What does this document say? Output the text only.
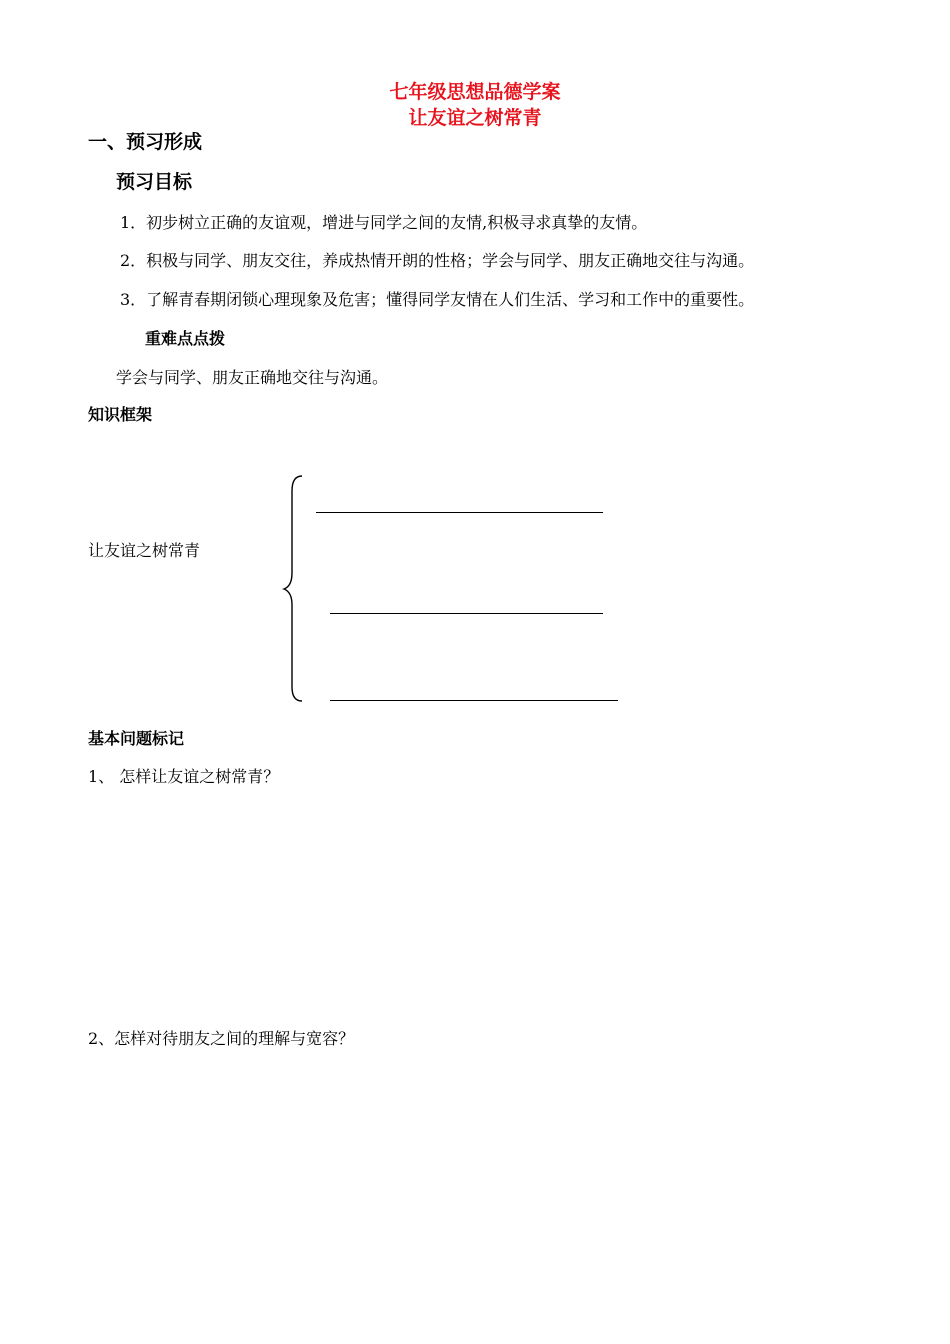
七年级思想品德学案
让友谊之树常青
一、预习形成
预习目标
1．初步树立正确的友谊观，增进与同学之间的友情,积极寻求真挚的友情。
2．积极与同学、朋友交往，养成热情开朗的性格；学会与同学、朋友正确地交往与沟通。
3．了解青春期闭锁心理现象及危害；懂得同学友情在人们生活、学习和工作中的重要性。
重难点点拨
学会与同学、朋友正确地交往与沟通。
知识框架
让友谊之树常青
基本问题标记
1、 怎样让友谊之树常青？
2、怎样对待朋友之间的理解与宽容？
